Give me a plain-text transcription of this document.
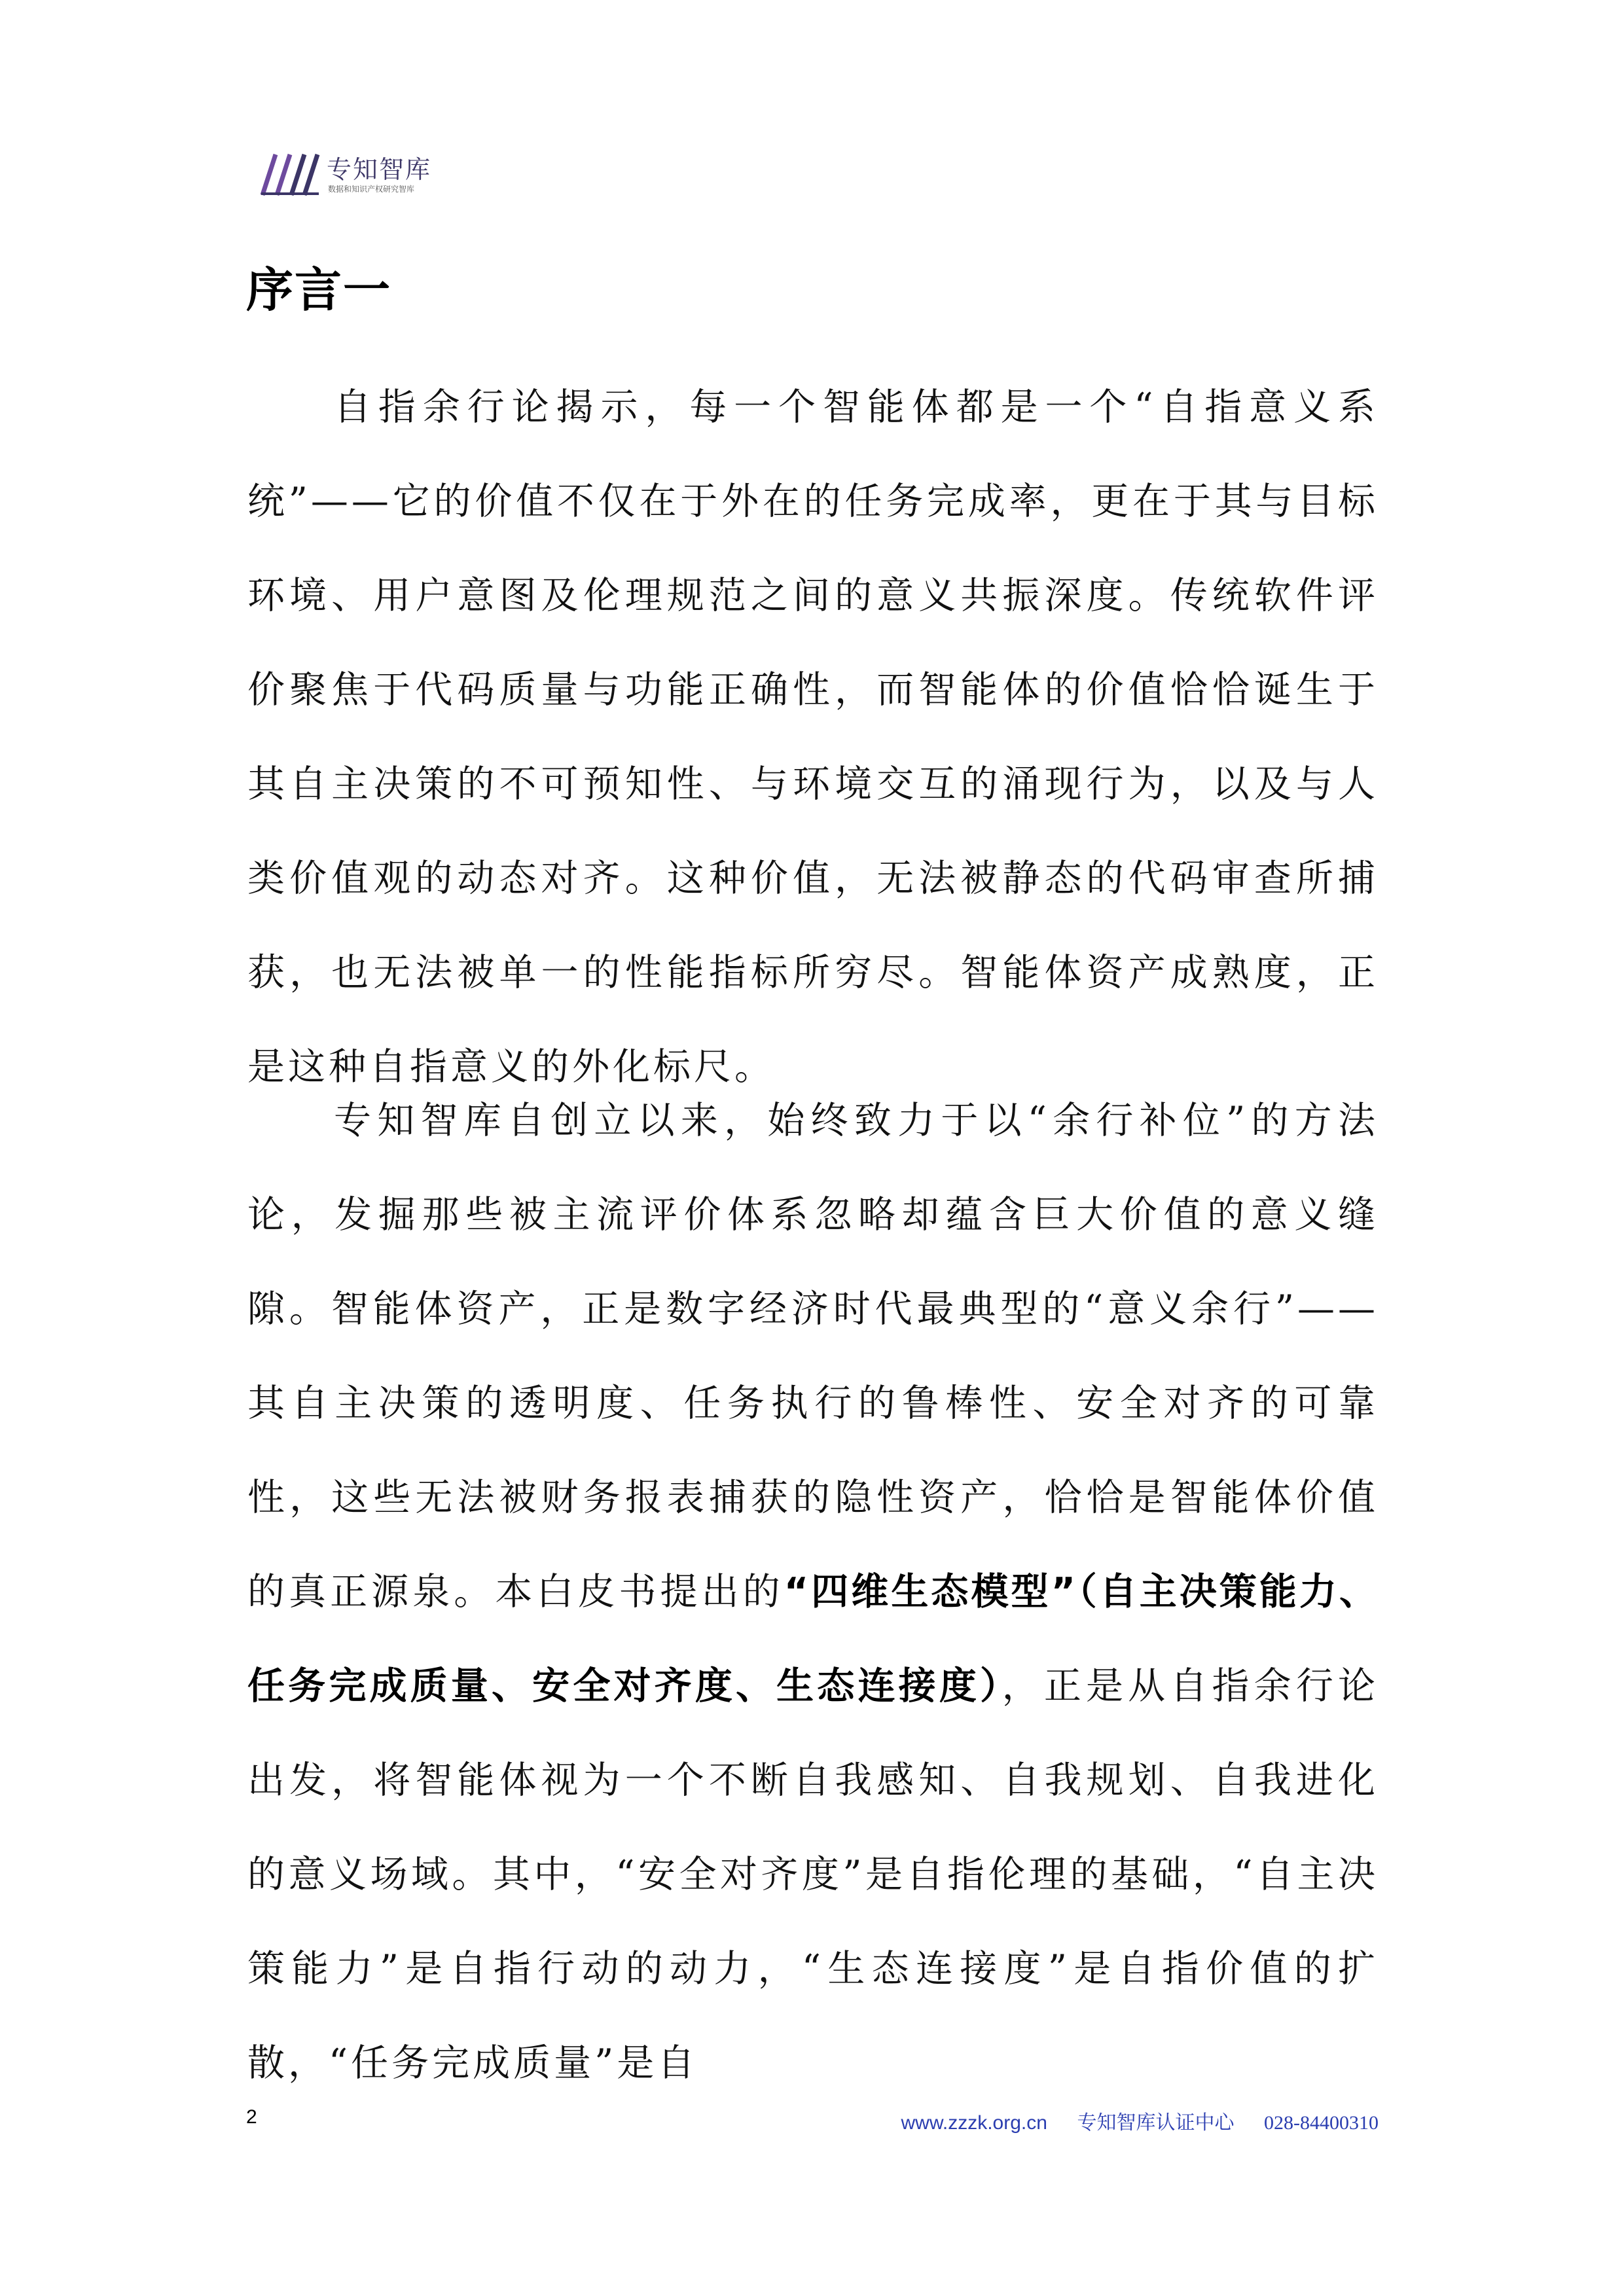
专知智库
数据和知识产权研究智库
序言一

自指余行论揭示，每一个智能体都是一个“自指意义系统”——它的价值不仅在于外在的任务完成率，更在于其与目标环境、用户意图及伦理规范之间的意义共振深度。传统软件评价聚焦于代码质量与功能正确性，而智能体的价值恰恰诞生于其自主决策的不可预知性、与环境交互的涌现行为，以及与人类价值观的动态对齐。这种价值，无法被静态的代码审查所捕获，也无法被单一的性能指标所穷尽。智能体资产成熟度，正是这种自指意义的外化标尺。

专知智库自创立以来，始终致力于以“余行补位”的方法论，发掘那些被主流评价体系忽略却蕴含巨大价值的意义缝隙。智能体资产，正是数字经济时代最典型的“意义余行”——其自主决策的透明度、任务执行的鲁棒性、安全对齐的可靠性，这些无法被财务报表捕获的隐性资产，恰恰是智能体价值的真正源泉。本白皮书提出的“四维生态模型”（自主决策能力、任务完成质量、安全对齐度、生态连接度），正是从自指余行论出发，将智能体视为一个不断自我感知、自我规划、自我进化的意义场域。其中，“安全对齐度”是自指伦理的基础，“自主决策能力”是自指行动的动力，“生态连接度”是自指价值的扩散，“任务完成质量”是自

2	www.zzzk.org.cn 专知智库认证中心 028-84400310
